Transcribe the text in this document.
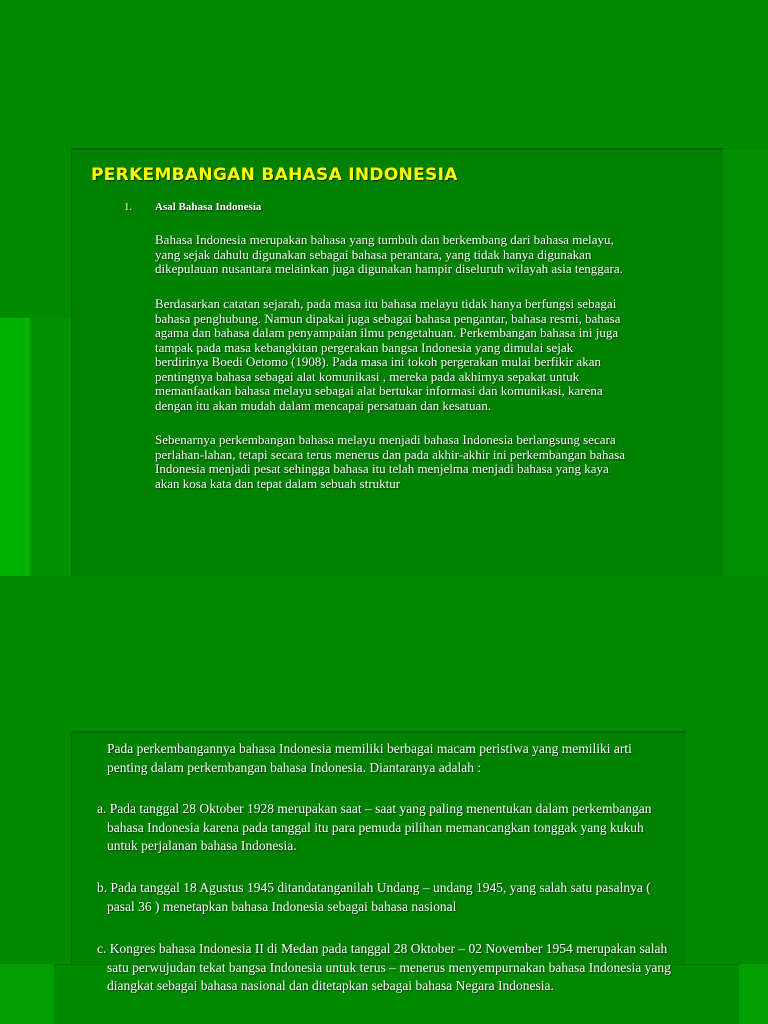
PERKEMBANGAN BAHASA INDONESIA
1. Asal Bahasa Indonesia
Bahasa Indonesia merupakan bahasa yang tumbuh dan berkembang dari bahasa melayu,
yang sejak dahulu digunakan sebagai bahasa perantara, yang tidak hanya digunakan
dikepulauan nusantara melainkan juga digunakan hampir diseluruh wilayah asia tenggara.
Berdasarkan catatan sejarah, pada masa itu bahasa melayu tidak hanya berfungsi sebagai
bahasa penghubung. Namun dipakai juga sebagai bahasa pengantar, bahasa resmi, bahasa
agama dan bahasa dalam penyampaian ilmu pengetahuan. Perkembangan bahasa ini juga
tampak pada masa kebangkitan pergerakan bangsa Indonesia yang dimulai sejak
berdirinya Boedi Oetomo (1908). Pada masa ini tokoh pergerakan mulai berfikir akan
pentingnya bahasa sebagai alat komunikasi , mereka pada akhirnya sepakat untuk
memanfaatkan bahasa melayu sebagai alat bertukar informasi dan komunikasi, karena
dengan itu akan mudah dalam mencapai persatuan dan kesatuan.
Sebenarnya perkembangan bahasa melayu menjadi bahasa Indonesia berlangsung secara
perlahan-lahan, tetapi secara terus menerus dan pada akhir-akhir ini perkembangan bahasa
Indonesia menjadi pesat sehingga bahasa itu telah menjelma menjadi bahasa yang kaya
akan kosa kata dan tepat dalam sebuah struktur
Pada perkembangannya bahasa Indonesia memiliki berbagai macam peristiwa yang memiliki arti
penting dalam perkembangan bahasa Indonesia. Diantaranya adalah :
a. Pada tanggal 28 Oktober 1928 merupakan saat – saat yang paling menentukan dalam perkembangan
bahasa Indonesia karena pada tanggal itu para pemuda pilihan memancangkan tonggak yang kukuh
untuk perjalanan bahasa Indonesia.
b. Pada tanggal 18 Agustus 1945 ditandatanganilah Undang – undang 1945, yang salah satu pasalnya (
pasal 36 ) menetapkan bahasa Indonesia sebagai bahasa nasional
c. Kongres bahasa Indonesia II di Medan pada tanggal 28 Oktober – 02 November 1954 merupakan salah
satu perwujudan tekat bangsa Indonesia untuk terus – menerus menyempurnakan bahasa Indonesia yang
diangkat sebagai bahasa nasional dan ditetapkan sebagai bahasa Negara Indonesia.
